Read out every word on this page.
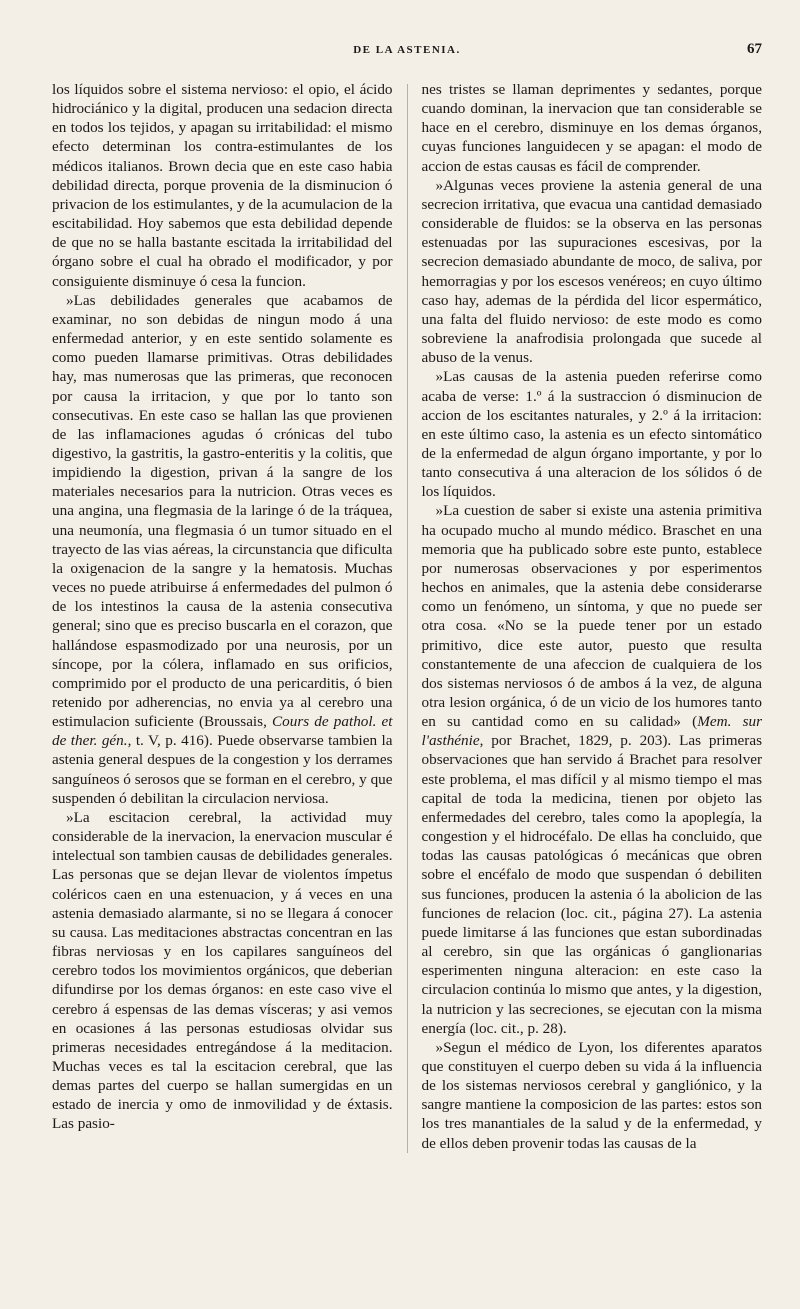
DE LA ASTENIA.	67

los líquidos sobre el sistema nervioso: el opio, el ácido hidrociánico y la digital, producen una sedacion directa en todos los tejidos, y apagan su irritabilidad: el mismo efecto determinan los contra-estimulantes de los médicos italianos. Brown decia que en este caso habia debilidad directa, porque provenia de la disminucion ó privacion de los estimulantes, y de la acumulacion de la escitabilidad. Hoy sabemos que esta debilidad depende de que no se halla bastante escitada la irritabilidad del órgano sobre el cual ha obrado el modificador, y por consiguiente disminuye ó cesa la funcion.

»Las debilidades generales que acabamos de examinar, no son debidas de ningun modo á una enfermedad anterior, y en este sentido solamente es como pueden llamarse primitivas. Otras debilidades hay, mas numerosas que las primeras, que reconocen por causa la irritacion, y que por lo tanto son consecutivas. En este caso se hallan las que provienen de las inflamaciones agudas ó crónicas del tubo digestivo, la gastritis, la gastro-enteritis y la colitis, que impidiendo la digestion, privan á la sangre de los materiales necesarios para la nutricion. Otras veces es una angina, una flegmasia de la laringe ó de la tráquea, una neumonía, una flegmasia ó un tumor situado en el trayecto de las vias aéreas, la circunstancia que dificulta la oxigenacion de la sangre y la hematosis. Muchas veces no puede atribuirse á enfermedades del pulmon ó de los intestinos la causa de la astenia consecutiva general; sino que es preciso buscarla en el corazon, que hallándose espasmodizado por una neurosis, por un síncope, por la cólera, inflamado en sus orificios, comprimido por el producto de una pericarditis, ó bien retenido por adherencias, no envia ya al cerebro una estimulacion suficiente (Broussais, Cours de pathol. et de ther. gén., t. V, p. 416). Puede observarse tambien la astenia general despues de la congestion y los derrames sanguíneos ó serosos que se forman en el cerebro, y que suspenden ó debilitan la circulacion nerviosa.

»La escitacion cerebral, la actividad muy considerable de la inervacion, la enervacion muscular é intelectual son tambien causas de debilidades generales. Las personas que se dejan llevar de violentos ímpetus coléricos caen en una estenuacion, y á veces en una astenia demasiado alarmante, si no se llegara á conocer su causa. Las meditaciones abstractas concentran en las fibras nerviosas y en los capilares sanguíneos del cerebro todos los movimientos orgánicos, que deberian difundirse por los demas órganos: en este caso vive el cerebro á espensas de las demas vísceras; y asi vemos en ocasiones á las personas estudiosas olvidar sus primeras necesidades entregándose á la meditacion. Muchas veces es tal la escitacion cerebral, que las demas partes del cuerpo se hallan sumergidas en un estado de inercia y omo de inmovilidad y de éxtasis. Las pasio-

nes tristes se llaman deprimentes y sedantes, porque cuando dominan, la inervacion que tan considerable se hace en el cerebro, disminuye en los demas órganos, cuyas funciones languidecen y se apagan: el modo de accion de estas causas es fácil de comprender.

»Algunas veces proviene la astenia general de una secrecion irritativa, que evacua una cantidad demasiado considerable de fluidos: se la observa en las personas estenuadas por las supuraciones escesivas, por la secrecion demasiado abundante de moco, de saliva, por hemorragias y por los escesos venéreos; en cuyo último caso hay, ademas de la pérdida del licor espermático, una falta del fluido nervioso: de este modo es como sobreviene la anafrodisia prolongada que sucede al abuso de la venus.

»Las causas de la astenia pueden referirse como acaba de verse: 1.º á la sustraccion ó disminucion de accion de los escitantes naturales, y 2.º á la irritacion: en este último caso, la astenia es un efecto sintomático de la enfermedad de algun órgano importante, y por lo tanto consecutiva á una alteracion de los sólidos ó de los líquidos.

»La cuestion de saber si existe una astenia primitiva ha ocupado mucho al mundo médico. Braschet en una memoria que ha publicado sobre este punto, establece por numerosas observaciones y por esperimentos hechos en animales, que la astenia debe considerarse como un fenómeno, un síntoma, y que no puede ser otra cosa. «No se la puede tener por un estado primitivo, dice este autor, puesto que resulta constantemente de una afeccion de cualquiera de los dos sistemas nerviosos ó de ambos á la vez, de alguna otra lesion orgánica, ó de un vicio de los humores tanto en su cantidad como en su calidad» (Mem. sur l'asthénie, por Brachet, 1829, p. 203). Las primeras observaciones que han servido á Brachet para resolver este problema, el mas difícil y al mismo tiempo el mas capital de toda la medicina, tienen por objeto las enfermedades del cerebro, tales como la apoplegía, la congestion y el hidrocéfalo. De ellas ha concluido, que todas las causas patológicas ó mecánicas que obren sobre el encéfalo de modo que suspendan ó debiliten sus funciones, producen la astenia ó la abolicion de las funciones de relacion (loc. cit., página 27). La astenia puede limitarse á las funciones que estan subordinadas al cerebro, sin que las orgánicas ó ganglionarias esperimenten ninguna alteracion: en este caso la circulacion continúa lo mismo que antes, y la digestion, la nutricion y las secreciones, se ejecutan con la misma energía (loc. cit., p. 28).

»Segun el médico de Lyon, los diferentes aparatos que constituyen el cuerpo deben su vida á la influencia de los sistemas nerviosos cerebral y gangliónico, y la sangre mantiene la composicion de las partes: estos son los tres manantiales de la salud y de la enfermedad, y de ellos deben provenir todas las causas de la
